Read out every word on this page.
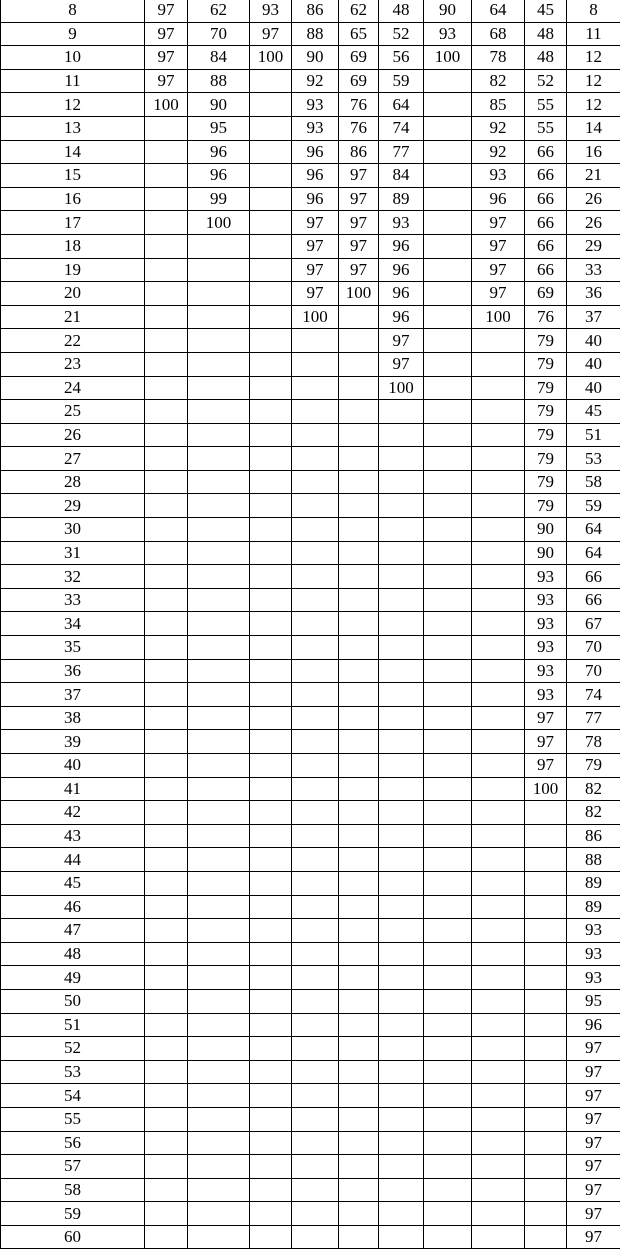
8	97	62	93	86	62	48	90	64	45	8
9	97	70	97	88	65	52	93	68	48	11
10	97	84	100	90	69	56	100	78	48	12
11	97	88		92	69	59		82	52	12
12	100	90		93	76	64		85	55	12
13		95		93	76	74		92	55	14
14		96		96	86	77		92	66	16
15		96		96	97	84		93	66	21
16		99		96	97	89		96	66	26
17		100		97	97	93		97	66	26
18				97	97	96		97	66	29
19				97	97	96		97	66	33
20				97	100	96		97	69	36
21				100		96		100	76	37
22						97			79	40
23						97			79	40
24						100			79	40
25									79	45
26									79	51
27									79	53
28									79	58
29									79	59
30									90	64
31									90	64
32									93	66
33									93	66
34									93	67
35									93	70
36									93	70
37									93	74
38									97	77
39									97	78
40									97	79
41									100	82
42										82
43										86
44										88
45										89
46										89
47										93
48										93
49										93
50										95
51										96
52										97
53										97
54										97
55										97
56										97
57										97
58										97
59										97
60										97
